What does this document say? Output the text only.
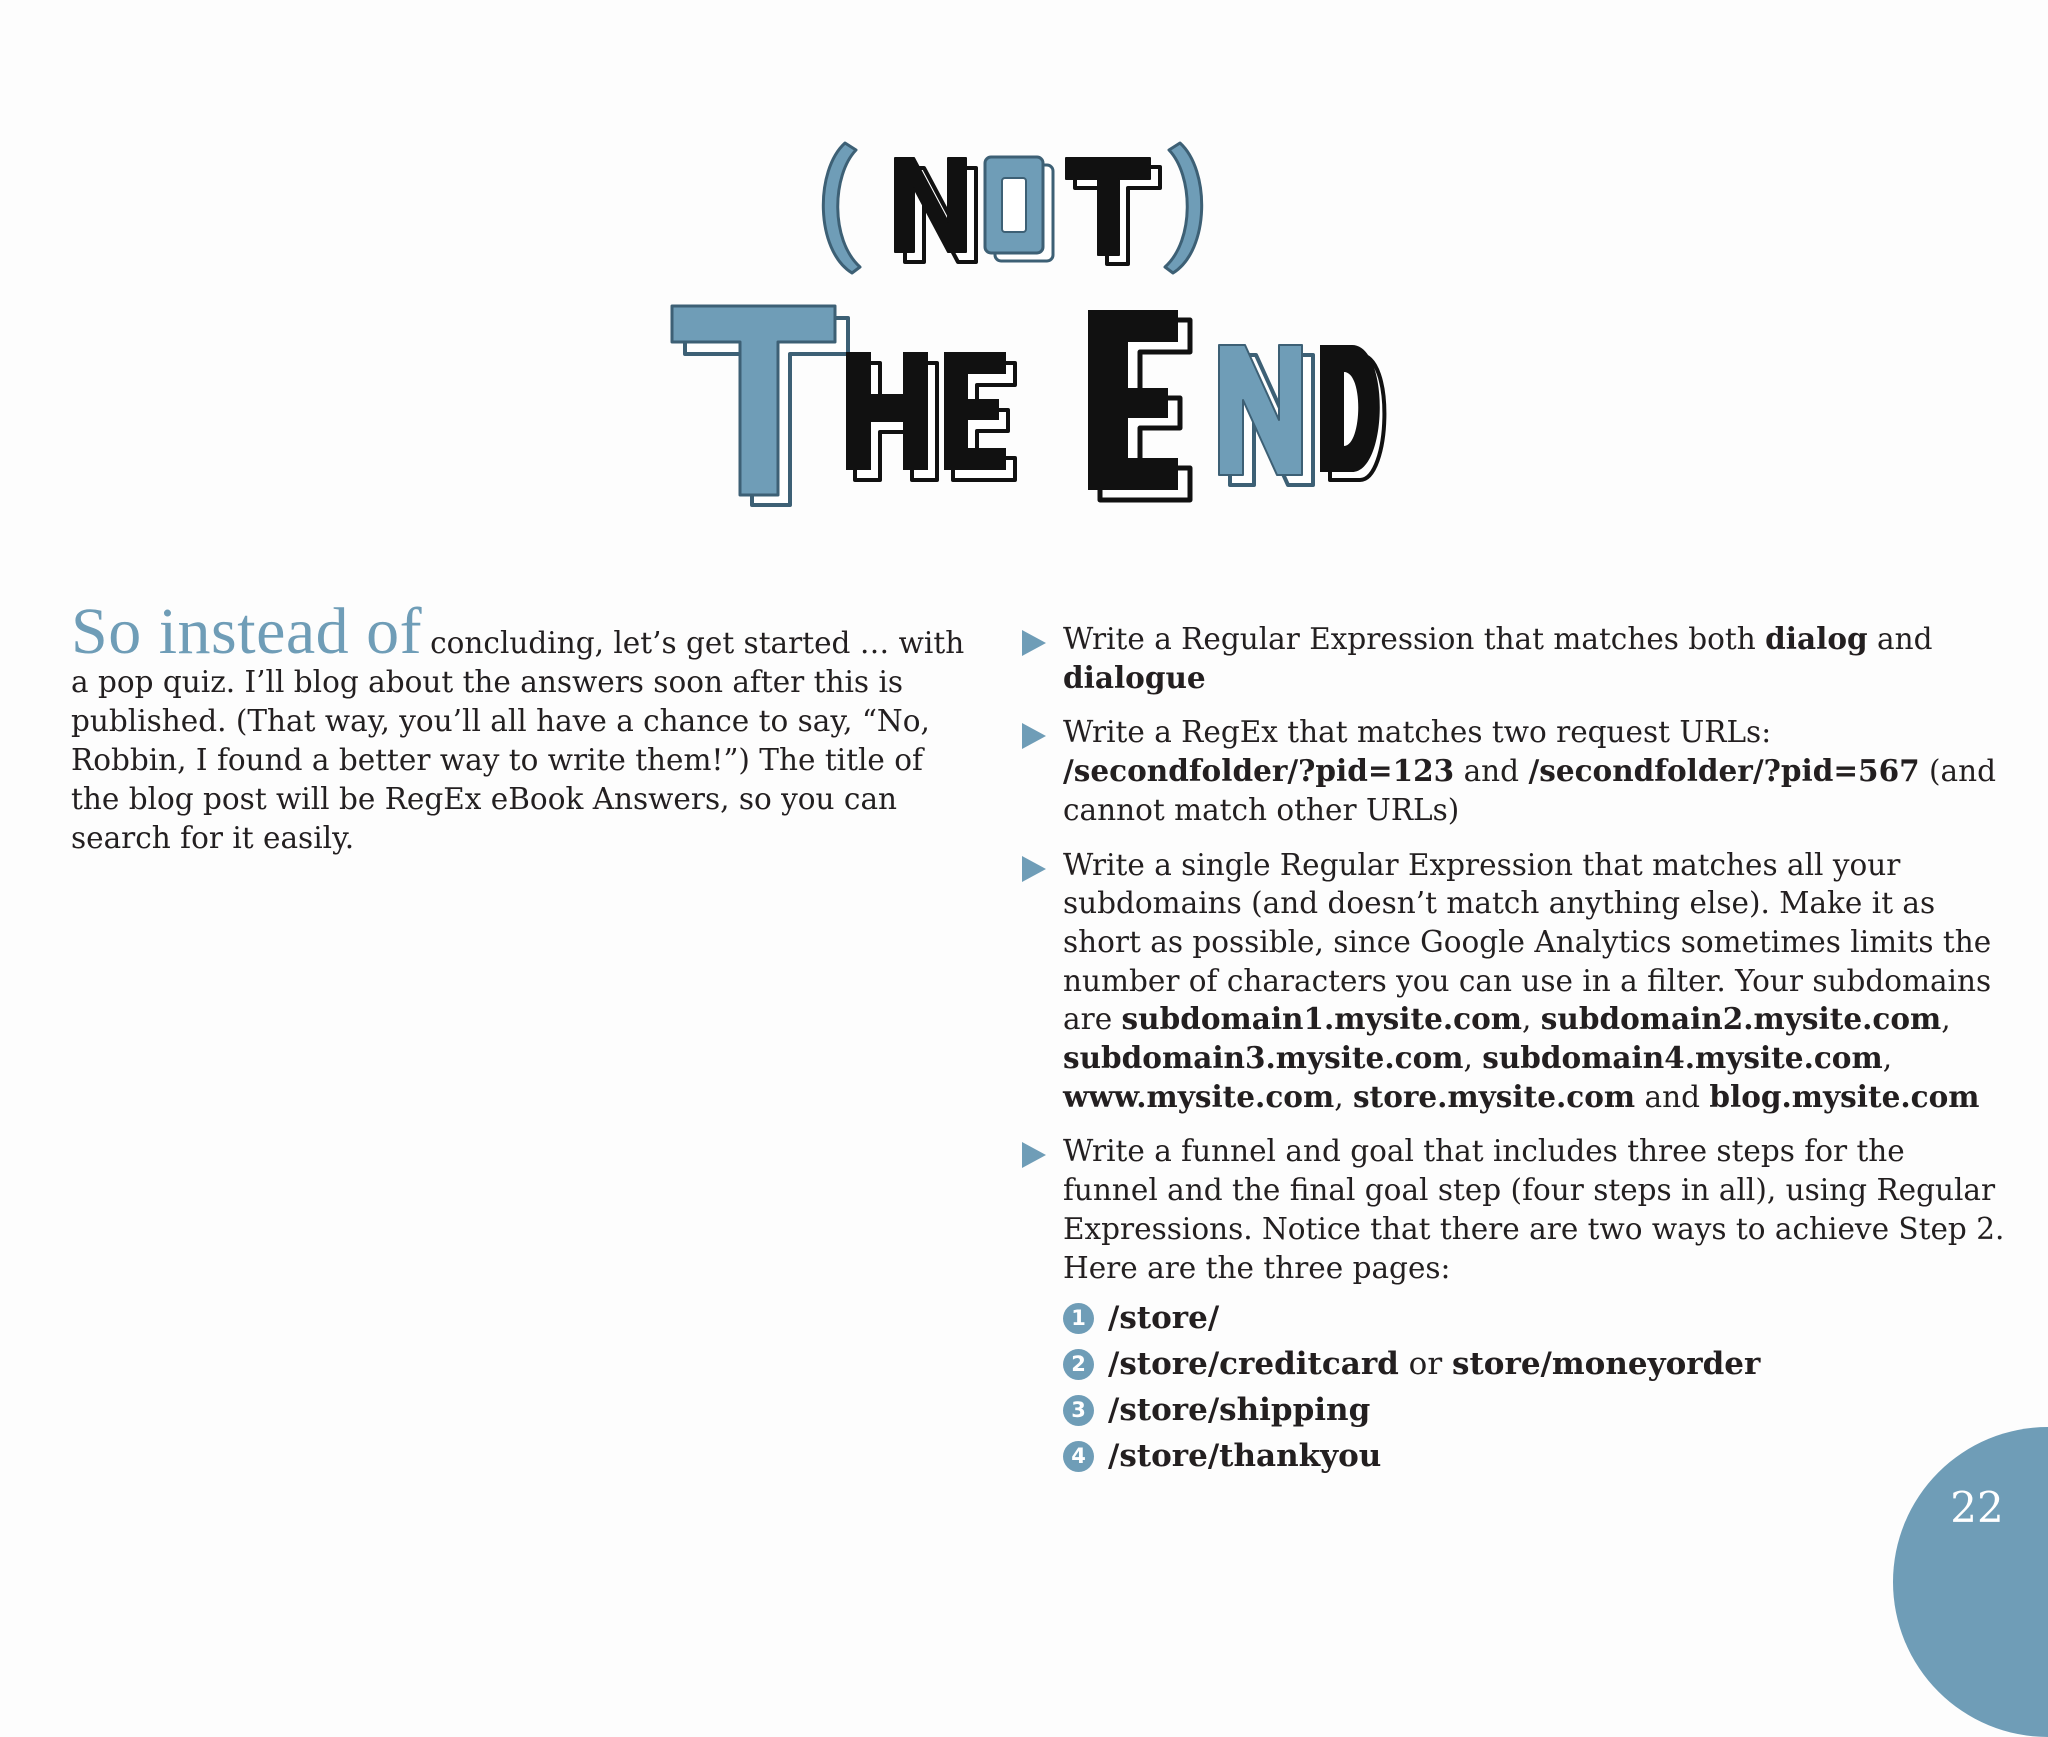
So instead of concluding, let’s get started … with a pop quiz. I’ll blog about the answers soon after this is published. (That way, you’ll all have a chance to say, “No, Robbin, I found a better way to write them!”) The title of the blog post will be RegEx eBook Answers, so you can search for it easily.
Write a Regular Expression that matches both dialog and dialogue
Write a RegEx that matches two request URLs: /secondfolder/?pid=123 and /secondfolder/?pid=567 (and cannot match other URLs)
Write a single Regular Expression that matches all your subdomains (and doesn’t match anything else). Make it as short as possible, since Google Analytics sometimes limits the number of characters you can use in a filter. Your subdomains are subdomain1.mysite.com, subdomain2.mysite.com, subdomain3.mysite.com, subdomain4.mysite.com, www.mysite.com, store.mysite.com and blog.mysite.com
Write a funnel and goal that includes three steps for the funnel and the final goal step (four steps in all), using Regular Expressions. Notice that there are two ways to achieve Step 2. Here are the three pages:
1 /store/
2 /store/creditcard or store/moneyorder
3 /store/shipping
4 /store/thankyou
22
